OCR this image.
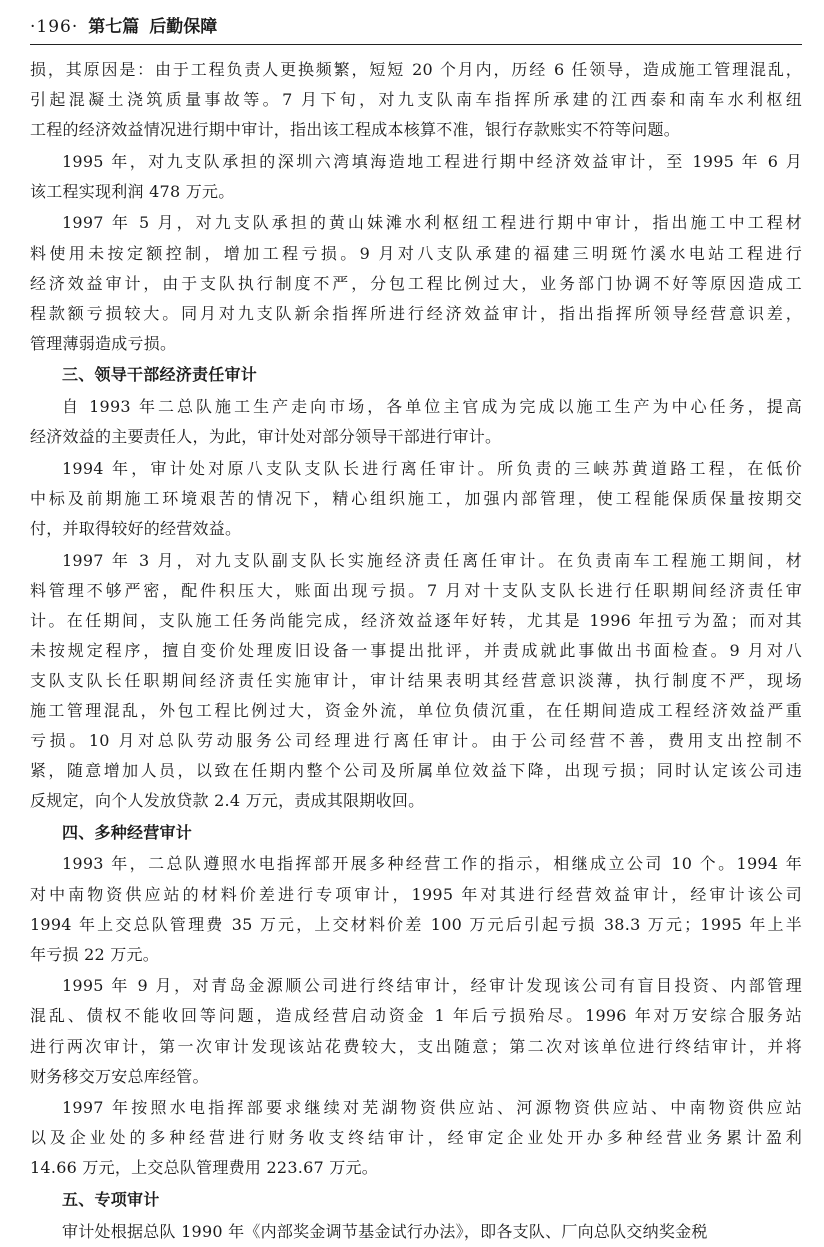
·196· 第七篇 后勤保障
损，其原因是：由于工程负责人更换频繁，短短 20 个月内，历经 6 任领导，造成施工管理混乱，
引起混凝土浇筑质量事故等。7 月下旬，对九支队南车指挥所承建的江西泰和南车水利枢纽
工程的经济效益情况进行期中审计，指出该工程成本核算不准，银行存款账实不符等问题。
1995 年，对九支队承担的深圳六湾填海造地工程进行期中经济效益审计，至 1995 年 6 月
该工程实现利润 478 万元。
1997 年 5 月，对九支队承担的黄山妹滩水利枢纽工程进行期中审计，指出施工中工程材
料使用未按定额控制，增加工程亏损。9 月对八支队承建的福建三明斑竹溪水电站工程进行
经济效益审计，由于支队执行制度不严，分包工程比例过大，业务部门协调不好等原因造成工
程款额亏损较大。同月对九支队新余指挥所进行经济效益审计，指出指挥所领导经营意识差，
管理薄弱造成亏损。
三、领导干部经济责任审计
自 1993 年二总队施工生产走向市场，各单位主官成为完成以施工生产为中心任务，提高
经济效益的主要责任人，为此，审计处对部分领导干部进行审计。
1994 年，审计处对原八支队支队长进行离任审计。所负责的三峡苏黄道路工程，在低价
中标及前期施工环境艰苦的情况下，精心组织施工，加强内部管理，使工程能保质保量按期交
付，并取得较好的经营效益。
1997 年 3 月，对九支队副支队长实施经济责任离任审计。在负责南车工程施工期间，材
料管理不够严密，配件积压大，账面出现亏损。7 月对十支队支队长进行任职期间经济责任审
计。在任期间，支队施工任务尚能完成，经济效益逐年好转，尤其是 1996 年扭亏为盈；而对其
未按规定程序，擅自变价处理废旧设备一事提出批评，并责成就此事做出书面检查。9 月对八
支队支队长任职期间经济责任实施审计，审计结果表明其经营意识淡薄，执行制度不严，现场
施工管理混乱，外包工程比例过大，资金外流，单位负债沉重，在任期间造成工程经济效益严重
亏损。10 月对总队劳动服务公司经理进行离任审计。由于公司经营不善，费用支出控制不
紧，随意增加人员，以致在任期内整个公司及所属单位效益下降，出现亏损；同时认定该公司违
反规定，向个人发放贷款 2.4 万元，责成其限期收回。
四、多种经营审计
1993 年，二总队遵照水电指挥部开展多种经营工作的指示，相继成立公司 10 个。1994 年
对中南物资供应站的材料价差进行专项审计，1995 年对其进行经营效益审计，经审计该公司
1994 年上交总队管理费 35 万元，上交材料价差 100 万元后引起亏损 38.3 万元；1995 年上半
年亏损 22 万元。
1995 年 9 月，对青岛金源顺公司进行终结审计，经审计发现该公司有盲目投资、内部管理
混乱、债权不能收回等问题，造成经营启动资金 1 年后亏损殆尽。1996 年对万安综合服务站
进行两次审计，第一次审计发现该站花费较大，支出随意；第二次对该单位进行终结审计，并将
财务移交万安总库经管。
1997 年按照水电指挥部要求继续对芜湖物资供应站、河源物资供应站、中南物资供应站
以及企业处的多种经营进行财务收支终结审计，经审定企业处开办多种经营业务累计盈利
14.66 万元，上交总队管理费用 223.67 万元。
五、专项审计
审计处根据总队 1990 年《内部奖金调节基金试行办法》，即各支队、厂向总队交纳奖金税
